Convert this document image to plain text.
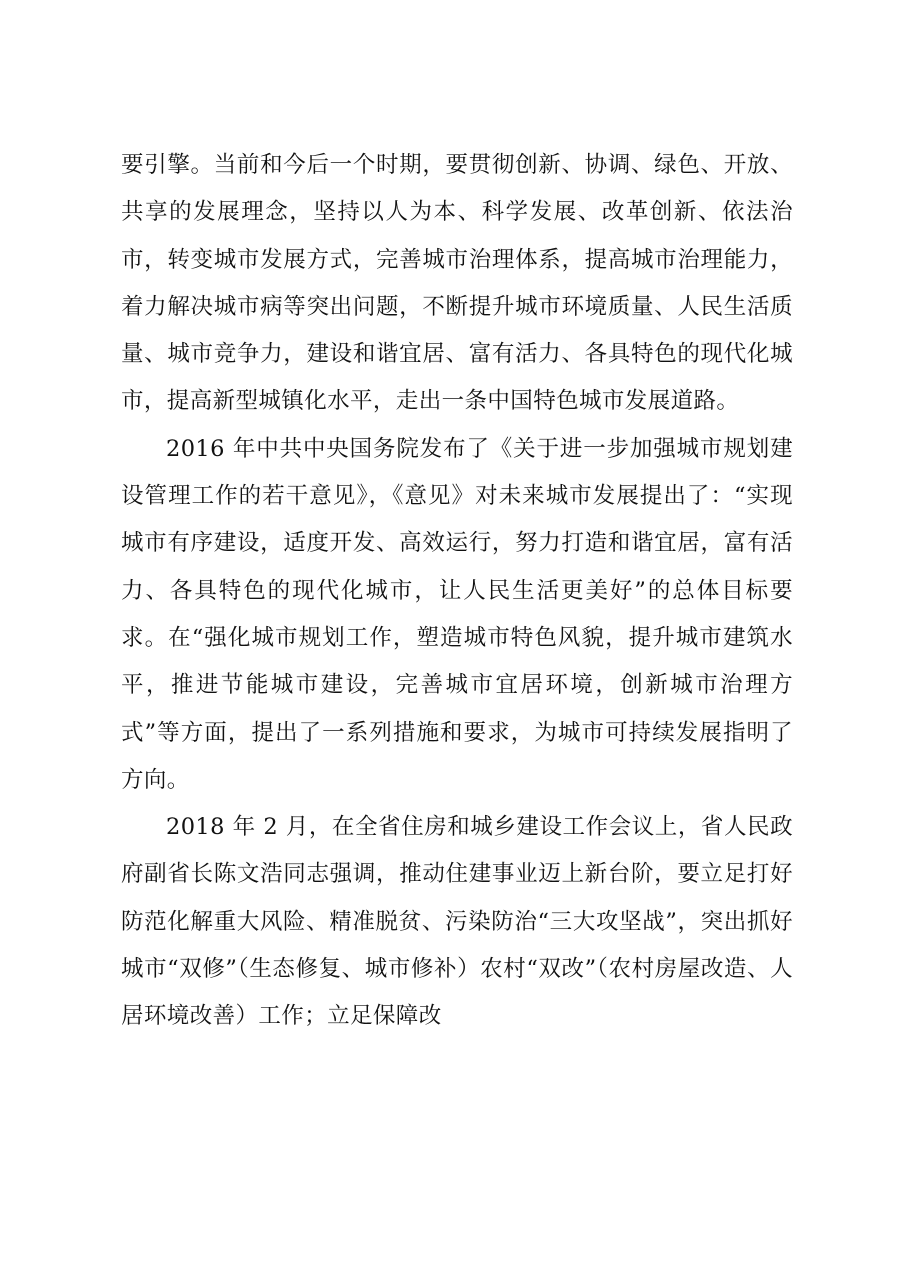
要引擎。当前和今后一个时期，要贯彻创新、协调、绿色、开放、共享的发展理念，坚持以人为本、科学发展、改革创新、依法治市，转变城市发展方式，完善城市治理体系，提高城市治理能力，着力解决城市病等突出问题，不断提升城市环境质量、人民生活质量、城市竞争力，建设和谐宜居、富有活力、各具特色的现代化城市，提高新型城镇化水平，走出一条中国特色城市发展道路。

2016 年中共中央国务院发布了《关于进一步加强城市规划建设管理工作的若干意见》，《意见》对未来城市发展提出了：“实现城市有序建设，适度开发、高效运行，努力打造和谐宜居，富有活力、各具特色的现代化城市，让人民生活更美好”的总体目标要求。在“强化城市规划工作，塑造城市特色风貌，提升城市建筑水平，推进节能城市建设，完善城市宜居环境，创新城市治理方式”等方面，提出了一系列措施和要求，为城市可持续发展指明了方向。

2018 年 2 月，在全省住房和城乡建设工作会议上，省人民政府副省长陈文浩同志强调，推动住建事业迈上新台阶，要立足打好防范化解重大风险、精准脱贫、污染防治“三大攻坚战”，突出抓好城市“双修”（生态修复、城市修补）农村“双改”（农村房屋改造、人居环境改善）工作；立足保障改
